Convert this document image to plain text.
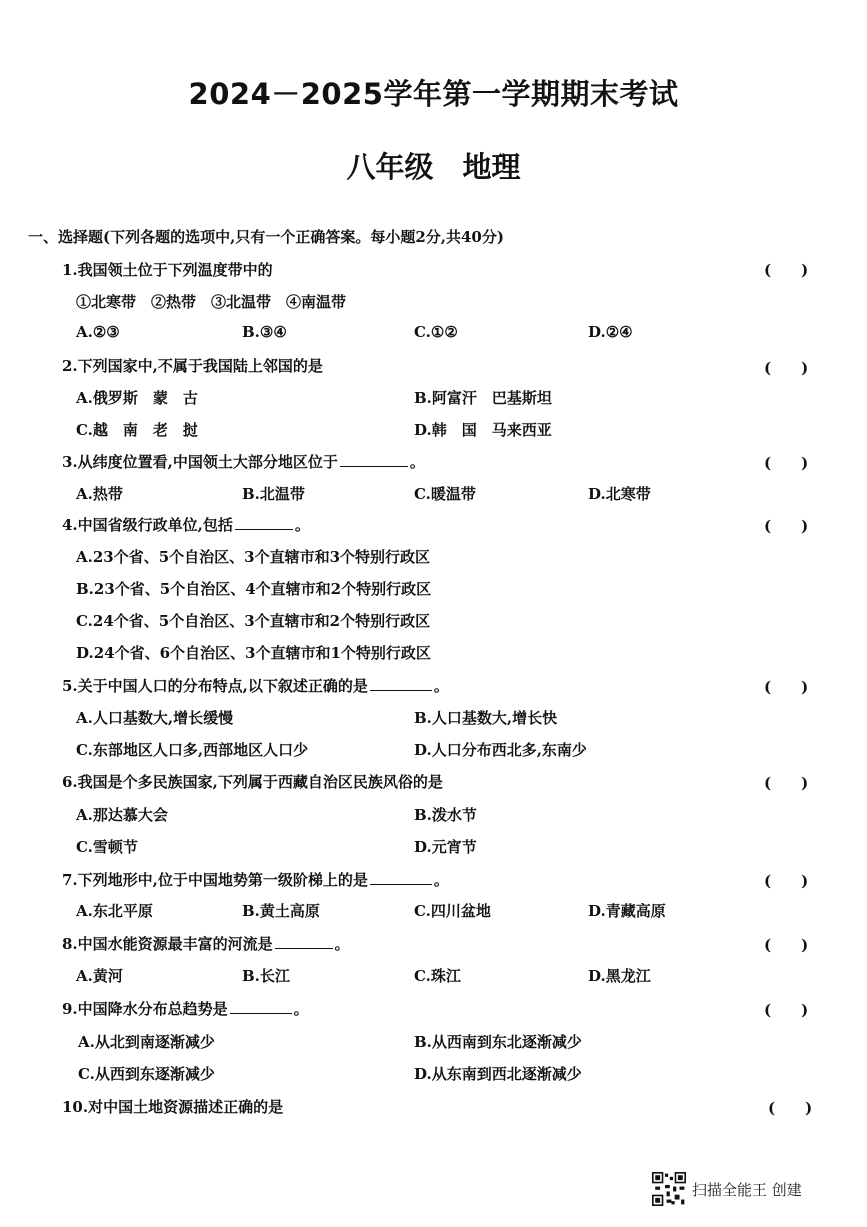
2024－2025学年第一学期期末考试
八年级　地理
一、选择题(下列各题的选项中,只有一个正确答案。每小题2分,共40分)
1.我国领土位于下列温度带中的	(　　)
①北寒带　②热带　③北温带　④南温带
A.②③	B.③④	C.①②	D.②④
2.下列国家中,不属于我国陆上邻国的是	(　　)
A.俄罗斯　蒙　古	B.阿富汗　巴基斯坦
C.越　南　老　挝	D.韩　国　马来西亚
3.从纬度位置看,中国领土大部分地区位于	。	(　　)
A.热带	B.北温带	C.暖温带	D.北寒带
4.中国省级行政单位,包括	。	(　　)
A.23个省、5个自治区、3个直辖市和3个特别行政区
B.23个省、5个自治区、4个直辖市和2个特别行政区
C.24个省、5个自治区、3个直辖市和2个特别行政区
D.24个省、6个自治区、3个直辖市和1个特别行政区
5.关于中国人口的分布特点,以下叙述正确的是	。	(　　)
A.人口基数大,增长缓慢	B.人口基数大,增长快
C.东部地区人口多,西部地区人口少	D.人口分布西北多,东南少
6.我国是个多民族国家,下列属于西藏自治区民族风俗的是	(　　)
A.那达慕大会	B.泼水节
C.雪顿节	D.元宵节
7.下列地形中,位于中国地势第一级阶梯上的是	。	(　　)
A.东北平原	B.黄土高原	C.四川盆地	D.青藏高原
8.中国水能资源最丰富的河流是	。	(　　)
A.黄河	B.长江	C.珠江	D.黑龙江
9.中国降水分布总趋势是	。	(　　)
A.从北到南逐渐减少	B.从西南到东北逐渐减少
C.从西到东逐渐减少	D.从东南到西北逐渐减少
10.对中国土地资源描述正确的是	(　　)
扫描全能王 创建
